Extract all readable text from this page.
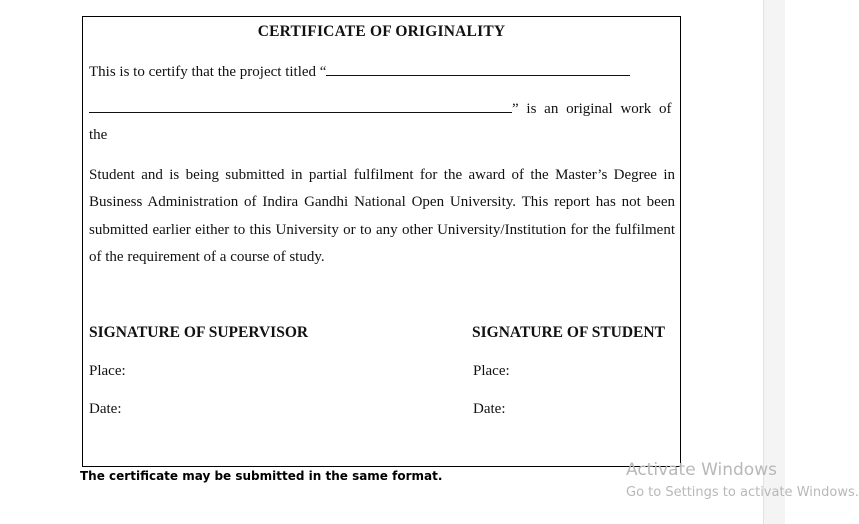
CERTIFICATE OF ORIGINALITY
This is to certify that the project titled “
” is an original work of
the
Student and is being submitted in partial fulfilment for the award of the Master’s Degree in Business Administration of Indira Gandhi National Open University. This report has not been submitted earlier either to this University or to any other University/Institution for the fulfilment of the requirement of a course of study.
SIGNATURE OF SUPERVISOR
Place:
Date:
SIGNATURE OF STUDENT
Place:
Date:
The certificate may be submitted in the same format.	Activate Windows
Go to Settings to activate Windows.
